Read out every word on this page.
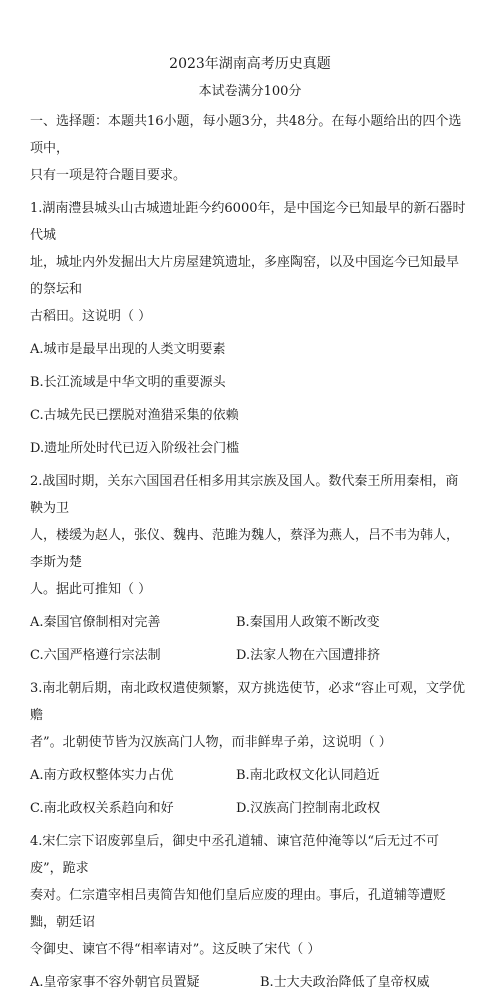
2023年湖南高考历史真题
本试卷满分100分

一、选择题：本题共16小题，每小题3分，共48分。在每小题给出的四个选项中，

只有一项是符合题目要求。

1.湖南澧县城头山古城遗址距今约6000年，是中国迄今已知最早的新石器时代城

址，城址内外发掘出大片房屋建筑遗址，多座陶窑，以及中国迄今已知最早的祭坛和

古稻田。这说明（ ）

A.城市是最早出现的人类文明要素

B.长江流域是中华文明的重要源头

C.古城先民已摆脱对渔猎采集的依赖

D.遗址所处时代已迈入阶级社会门槛

2.战国时期，关东六国国君任相多用其宗族及国人。数代秦王所用秦相，商鞅为卫

人，楼缓为赵人，张仪、魏冉、范雎为魏人，蔡泽为燕人，吕不韦为韩人，李斯为楚

人。据此可推知（ ）

A.秦国官僚制相对完善	B.秦国用人政策不断改变
C.六国严格遵行宗法制	D.法家人物在六国遭排挤

3.南北朝后期，南北政权遣使频繁，双方挑选使节，必求“容止可观，文学优赡

者”。北朝使节皆为汉族高门人物，而非鲜卑子弟，这说明（ ）

A.南方政权整体实力占优	B.南北政权文化认同趋近
C.南北政权关系趋向和好	D.汉族高门控制南北政权

4.宋仁宗下诏废郭皇后，御史中丞孔道辅、谏官范仲淹等以“后无过不可废”，跪求

奏对。仁宗遣宰相吕夷简告知他们皇后应废的理由。事后，孔道辅等遭贬黜，朝廷诏

令御史、谏官不得“相率请对”。这反映了宋代（ ）

A.皇帝家事不容外朝官员置疑	B.士大夫政治降低了皇帝权威
